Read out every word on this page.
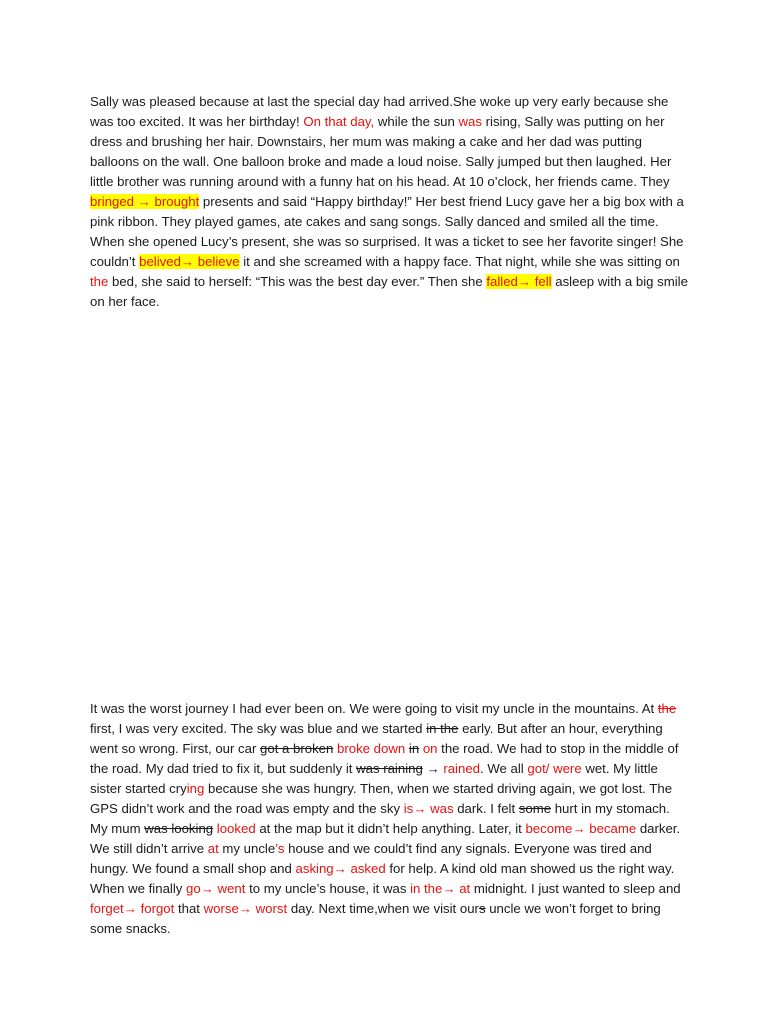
Sally was pleased because at last the special day had arrived.She woke up very early because she was too excited. It was her birthday! On that day, while the sun was rising, Sally was putting on her dress and brushing her hair. Downstairs, her mum was making a cake and her dad was putting balloons on the wall. One balloon broke and made a loud noise. Sally jumped but then laughed. Her little brother was running around with a funny hat on his head. At 10 o’clock, her friends came. They bringed → brought presents and said “Happy birthday!” Her best friend Lucy gave her a big box with a pink ribbon. They played games, ate cakes and sang songs. Sally danced and smiled all the time. When she opened Lucy’s present, she was so surprised. It was a ticket to see her favorite singer! She couldn’t belived→ believe it and she screamed with a happy face. That night, while she was sitting on the bed, she said to herself: “This was the best day ever.” Then she falled→ fell asleep with a big smile on her face.

It was the worst journey I had ever been on. We were going to visit my uncle in the mountains. At the first, I was very excited. The sky was blue and we started in the early. But after an hour, everything went so wrong. First, our car got a broken broke down in on the road. We had to stop in the middle of the road. My dad tried to fix it, but suddenly it was raining → rained. We all got/ were wet. My little sister started crying because she was hungry. Then, when we started driving again, we got lost. The GPS didn’t work and the road was empty and the sky is→ was dark. I felt some hurt in my stomach. My mum was looking looked at the map but it didn’t help anything. Later, it become→ became darker. We still didn’t arrive at my uncle’s house and we could’t find any signals. Everyone was tired and hungy. We found a small shop and asking→ asked for help. A kind old man showed us the right way. When we finally go→ went to my uncle’s house, it was in the→ at midnight. I just wanted to sleep and forget→ forgot that worse→ worst day. Next time,when we visit ours uncle we won’t forget to bring some snacks.
